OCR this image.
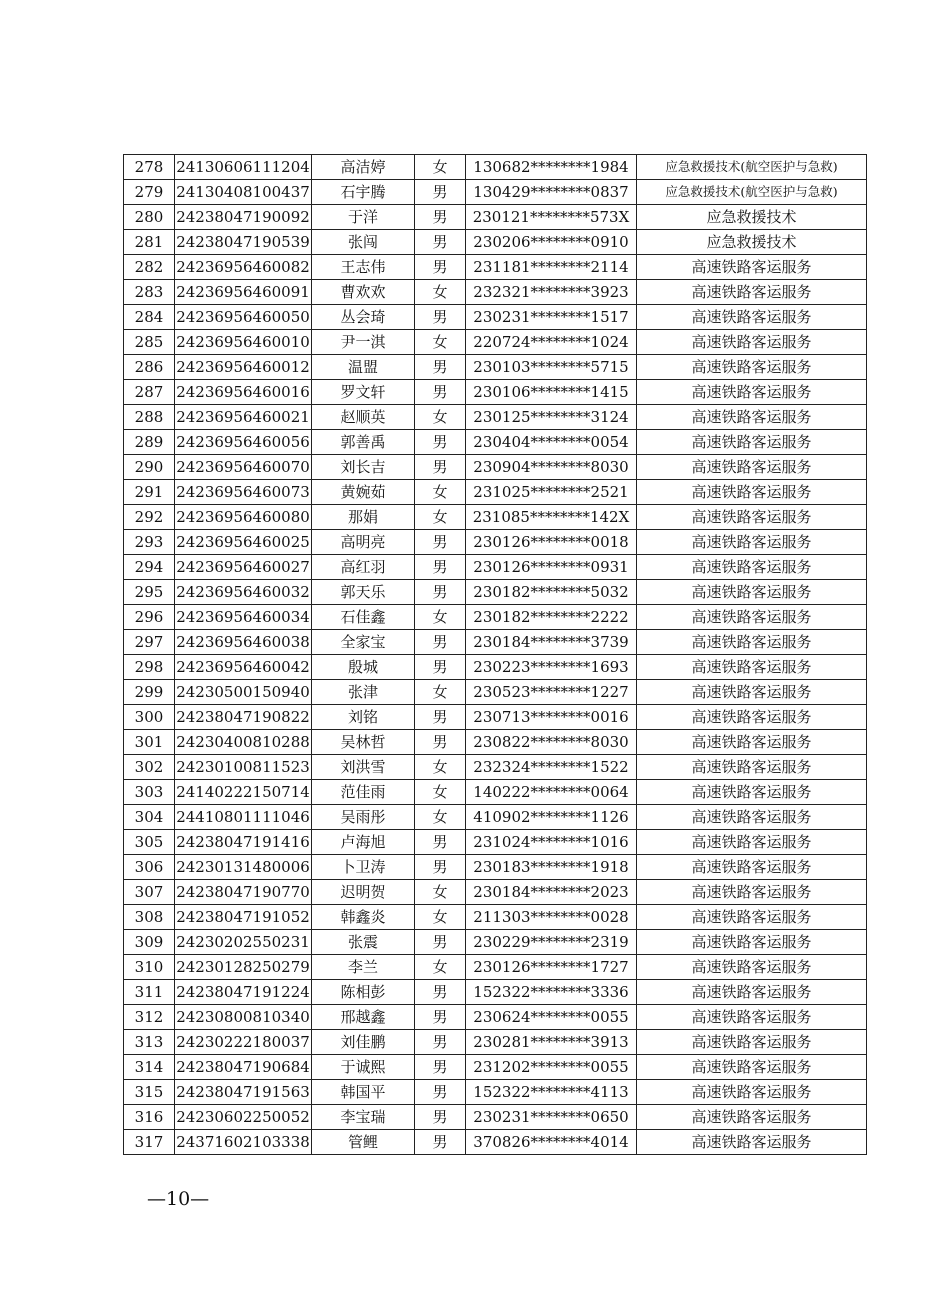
278	24130606111204	高洁婷	女	130682********1984	应急救援技术(航空医护与急救)
279	24130408100437	石宇腾	男	130429********0837	应急救援技术(航空医护与急救)
280	24238047190092	于洋	男	230121********573X	应急救援技术
281	24238047190539	张闯	男	230206********0910	应急救援技术
282	24236956460082	王志伟	男	231181********2114	高速铁路客运服务
283	24236956460091	曹欢欢	女	232321********3923	高速铁路客运服务
284	24236956460050	丛会琦	男	230231********1517	高速铁路客运服务
285	24236956460010	尹一淇	女	220724********1024	高速铁路客运服务
286	24236956460012	温盟	男	230103********5715	高速铁路客运服务
287	24236956460016	罗文轩	男	230106********1415	高速铁路客运服务
288	24236956460021	赵顺英	女	230125********3124	高速铁路客运服务
289	24236956460056	郭善禹	男	230404********0054	高速铁路客运服务
290	24236956460070	刘长吉	男	230904********8030	高速铁路客运服务
291	24236956460073	黄婉茹	女	231025********2521	高速铁路客运服务
292	24236956460080	那娟	女	231085********142X	高速铁路客运服务
293	24236956460025	高明亮	男	230126********0018	高速铁路客运服务
294	24236956460027	高红羽	男	230126********0931	高速铁路客运服务
295	24236956460032	郭天乐	男	230182********5032	高速铁路客运服务
296	24236956460034	石佳鑫	女	230182********2222	高速铁路客运服务
297	24236956460038	全家宝	男	230184********3739	高速铁路客运服务
298	24236956460042	殷城	男	230223********1693	高速铁路客运服务
299	24230500150940	张津	女	230523********1227	高速铁路客运服务
300	24238047190822	刘铭	男	230713********0016	高速铁路客运服务
301	24230400810288	吴林哲	男	230822********8030	高速铁路客运服务
302	24230100811523	刘洪雪	女	232324********1522	高速铁路客运服务
303	24140222150714	范佳雨	女	140222********0064	高速铁路客运服务
304	24410801111046	吴雨彤	女	410902********1126	高速铁路客运服务
305	24238047191416	卢海旭	男	231024********1016	高速铁路客运服务
306	24230131480006	卜卫涛	男	230183********1918	高速铁路客运服务
307	24238047190770	迟明贺	女	230184********2023	高速铁路客运服务
308	24238047191052	韩鑫炎	女	211303********0028	高速铁路客运服务
309	24230202550231	张震	男	230229********2319	高速铁路客运服务
310	24230128250279	李兰	女	230126********1727	高速铁路客运服务
311	24238047191224	陈相彭	男	152322********3336	高速铁路客运服务
312	24230800810340	邢越鑫	男	230624********0055	高速铁路客运服务
313	24230222180037	刘佳鹏	男	230281********3913	高速铁路客运服务
314	24238047190684	于诚熙	男	231202********0055	高速铁路客运服务
315	24238047191563	韩国平	男	152322********4113	高速铁路客运服务
316	24230602250052	李宝瑞	男	230231********0650	高速铁路客运服务
317	24371602103338	管鲤	男	370826********4014	高速铁路客运服务
—10—
